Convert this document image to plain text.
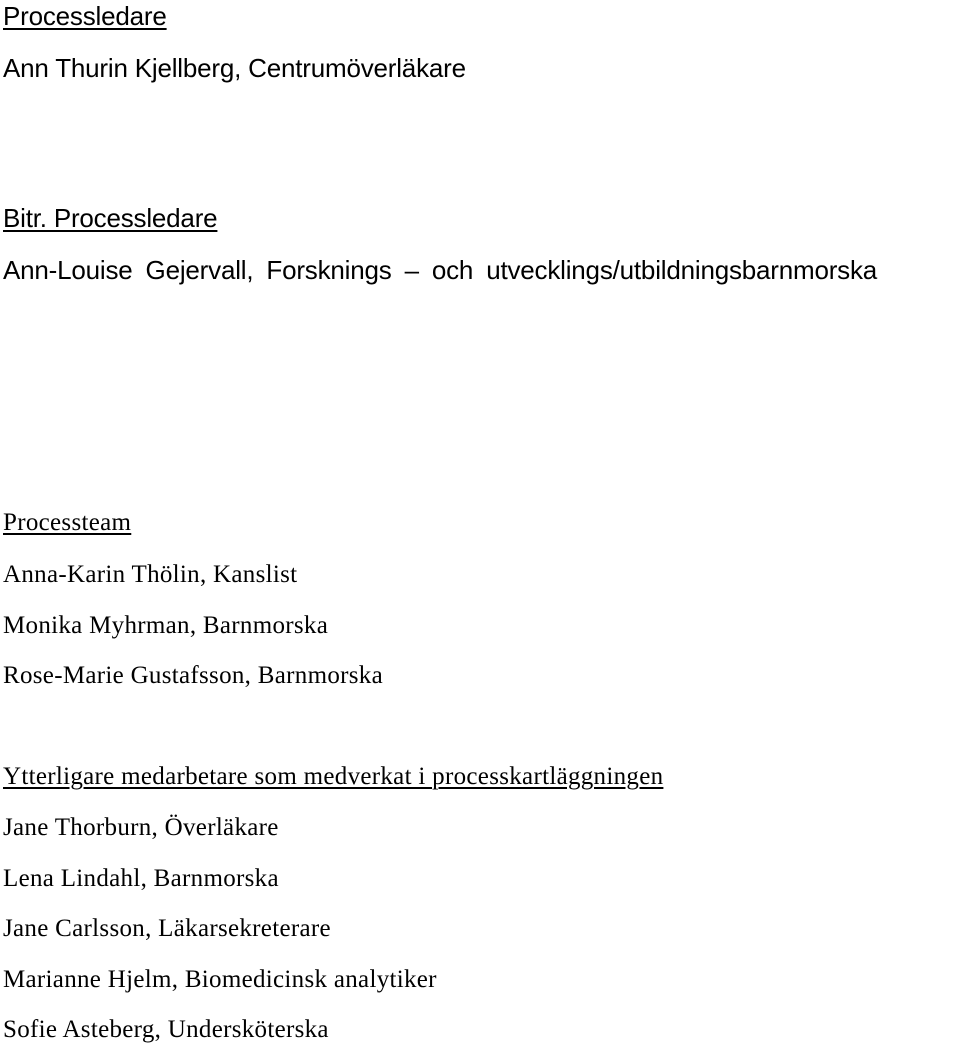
Processledare
Ann Thurin Kjellberg, Centrumöverläkare
Bitr. Processledare
Ann-Louise Gejervall, Forsknings – och utvecklings/utbildningsbarnmorska
Processteam
Anna-Karin Thölin, Kanslist
Monika Myhrman, Barnmorska
Rose-Marie Gustafsson, Barnmorska
Ytterligare medarbetare som medverkat i processkartläggningen
Jane Thorburn, Överläkare
Lena Lindahl, Barnmorska
Jane Carlsson, Läkarsekreterare
Marianne Hjelm, Biomedicinsk analytiker
Sofie Asteberg, Undersköterska
